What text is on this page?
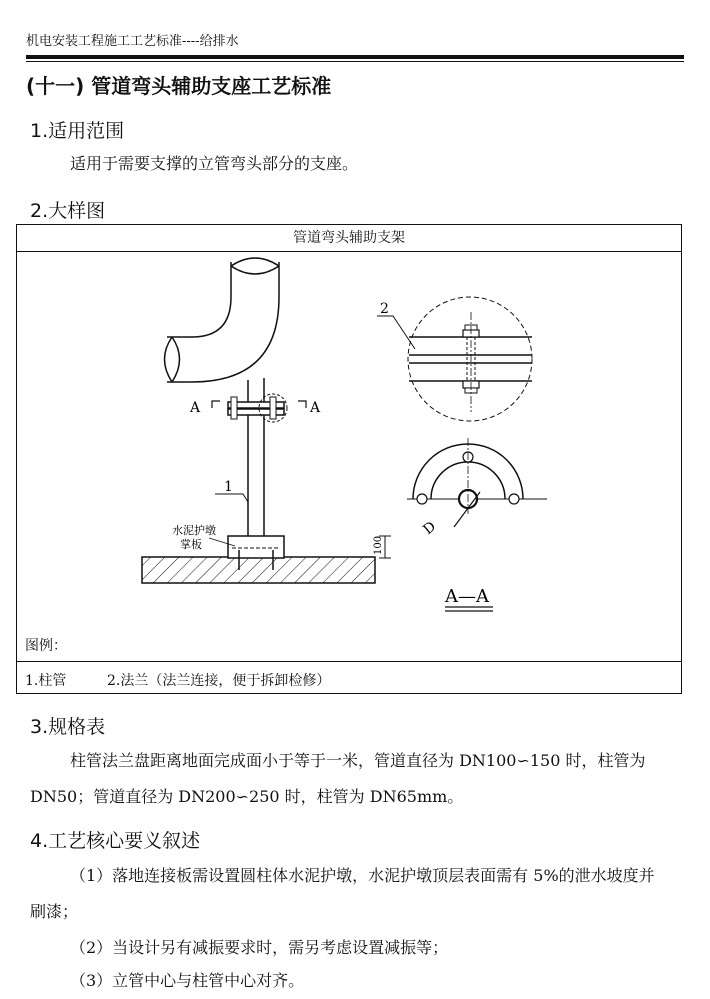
机电安装工程施工工艺标准----给排水
(十一) 管道弯头辅助支座工艺标准
1.适用范围
适用于需要支撑的立管弯头部分的支座。
2.大样图
管道弯头辅助支架
A	A
1
水泥护墩
掌板	100
2
D
A—A
图例：
1.柱管	2.法兰（法兰连接，便于拆卸检修）
3.规格表
柱管法兰盘距离地面完成面小于等于一米，管道直径为 DN100∽150 时，柱管为 DN50；管道直径为 DN200∽250 时，柱管为 DN65mm。
4.工艺核心要义叙述
（1）落地连接板需设置圆柱体水泥护墩，水泥护墩顶层表面需有 5%的泄水坡度并刷漆；
（2）当设计另有减振要求时，需另考虑设置减振等；
（3）立管中心与柱管中心对齐。
